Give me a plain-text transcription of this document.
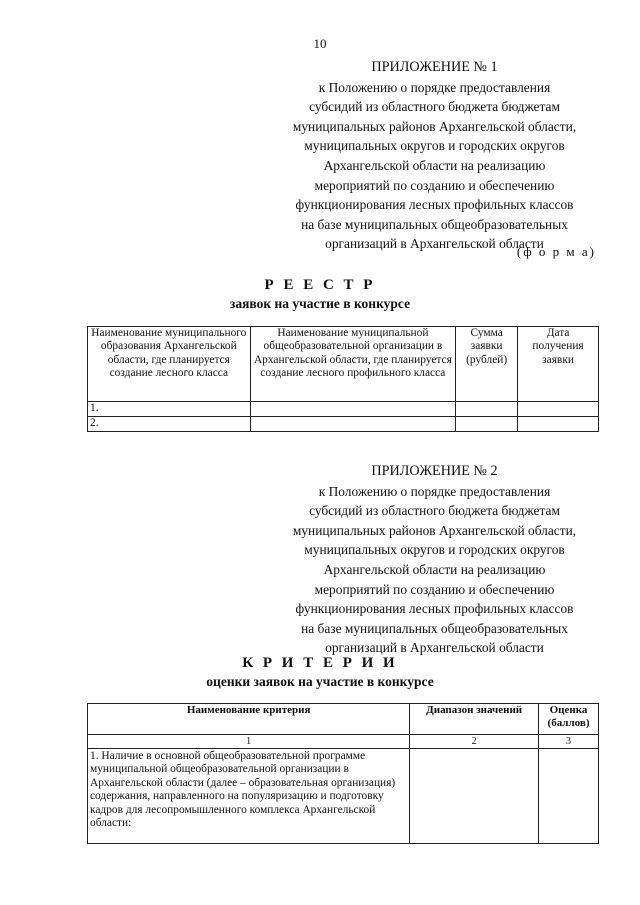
10
ПРИЛОЖЕНИЕ № 1
к Положению о порядке предоставления
субсидий из областного бюджета бюджетам
муниципальных районов Архангельской области,
муниципальных округов и городских округов
Архангельской области на реализацию
мероприятий по созданию и обеспечению
функционирования лесных профильных классов
на базе муниципальных общеобразовательных
организаций в Архангельской области
(ф о р м а)
Р Е Е С Т Р
заявок на участие в конкурсе
Наименование муниципального образования Архангельской области, где планируется создание лесного класса	Наименование муниципальной общеобразовательной организации в Архангельской области, где планируется создание лесного профильного класса	Сумма заявки (рублей)	Дата получения заявки
1.			
2.			
ПРИЛОЖЕНИЕ № 2
к Положению о порядке предоставления
субсидий из областного бюджета бюджетам
муниципальных районов Архангельской области,
муниципальных округов и городских округов
Архангельской области на реализацию
мероприятий по созданию и обеспечению
функционирования лесных профильных классов
на базе муниципальных общеобразовательных
организаций в Архангельской области
К Р И Т Е Р И И
оценки заявок на участие в конкурсе
Наименование критерия	Диапазон значений	Оценка (баллов)
1	2	3
1. Наличие в основной общеобразовательной программе муниципальной общеобразовательной организации в Архангельской области (далее – образовательная организация) содержания, направленного на популяризацию и подготовку кадров для лесопромышленного комплекса Архангельской области:		
